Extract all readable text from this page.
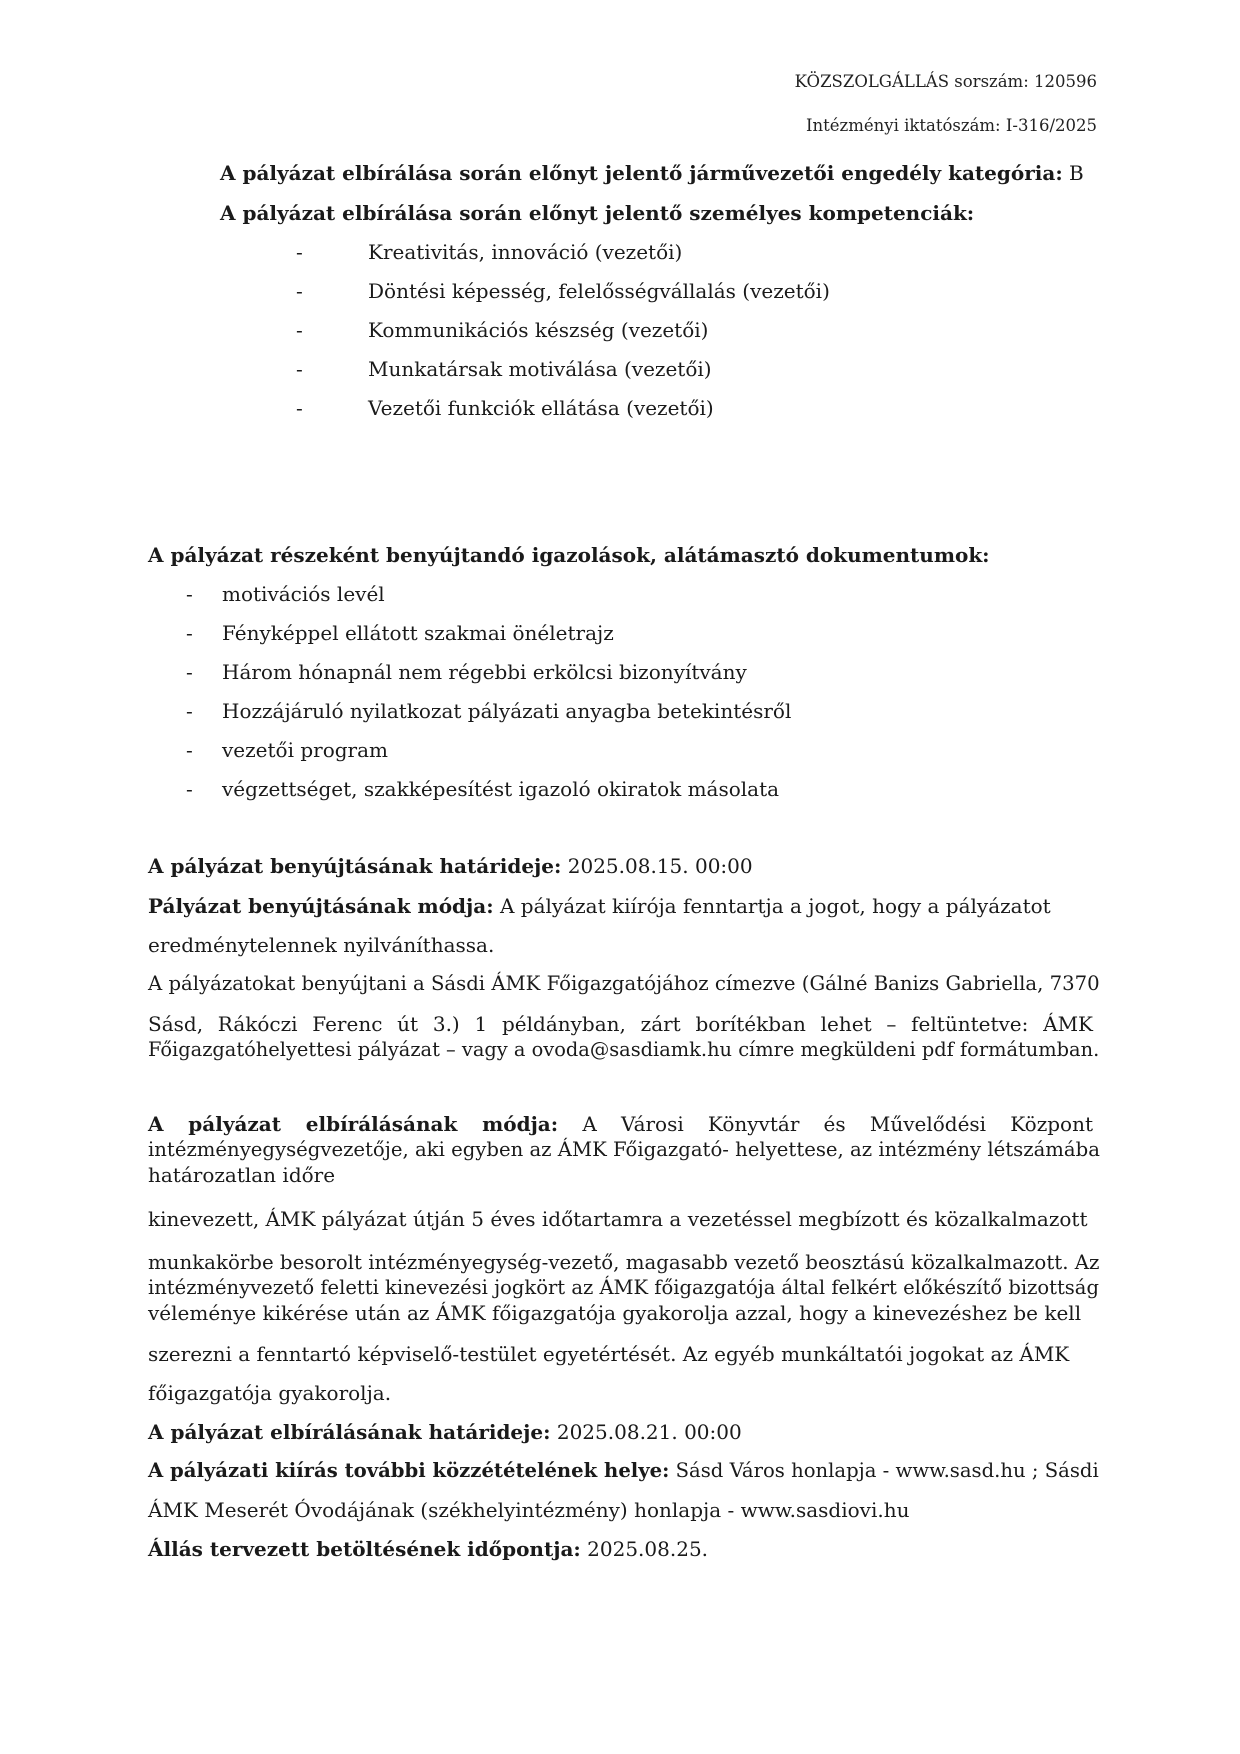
KÖZSZOLGÁLLÁS sorszám: 120596
Intézményi iktatószám: I-316/2025
A pályázat elbírálása során előnyt jelentő járművezetői engedély kategória: B
A pályázat elbírálása során előnyt jelentő személyes kompetenciák:
-	Kreativitás, innováció (vezetői)
-	Döntési képesség, felelősségvállalás (vezetői)
-	Kommunikációs készség (vezetői)
-	Munkatársak motiválása (vezetői)
-	Vezetői funkciók ellátása (vezetői)
A pályázat részeként benyújtandó igazolások, alátámasztó dokumentumok:
- motivációs levél
- Fényképpel ellátott szakmai önéletrajz
- Három hónapnál nem régebbi erkölcsi bizonyítvány
- Hozzájáruló nyilatkozat pályázati anyagba betekintésről
- vezetői program
- végzettséget, szakképesítést igazoló okiratok másolata
A pályázat benyújtásának határideje: 2025.08.15. 00:00
Pályázat benyújtásának módja: A pályázat kiírója fenntartja a jogot, hogy a pályázatot
eredménytelennek nyilváníthassa.
A pályázatokat benyújtani a Sásdi ÁMK Főigazgatójához címezve (Gálné Banizs Gabriella, 7370
Sásd, Rákóczi Ferenc út 3.) 1 példányban, zárt borítékban lehet – feltüntetve: ÁMK
Főigazgatóhelyettesi pályázat – vagy a ovoda@sasdiamk.hu címre megküldeni pdf formátumban.
A pályázat elbírálásának módja: A Városi Könyvtár és Művelődési Központ
intézményegységvezetője, aki egyben az ÁMK Főigazgató- helyettese, az intézmény létszámába
határozatlan időre
kinevezett, ÁMK pályázat útján 5 éves időtartamra a vezetéssel megbízott és közalkalmazott
munkakörbe besorolt intézményegység-vezető, magasabb vezető beosztású közalkalmazott. Az
intézményvezető feletti kinevezési jogkört az ÁMK főigazgatója által felkért előkészítő bizottság
véleménye kikérése után az ÁMK főigazgatója gyakorolja azzal, hogy a kinevezéshez be kell
szerezni a fenntartó képviselő-testület egyetértését. Az egyéb munkáltatói jogokat az ÁMK
főigazgatója gyakorolja.
A pályázat elbírálásának határideje: 2025.08.21. 00:00
A pályázati kiírás további közzétételének helye: Sásd Város honlapja - www.sasd.hu ; Sásdi
ÁMK Meserét Óvodájának (székhelyintézmény) honlapja - www.sasdiovi.hu
Állás tervezett betöltésének időpontja: 2025.08.25.
